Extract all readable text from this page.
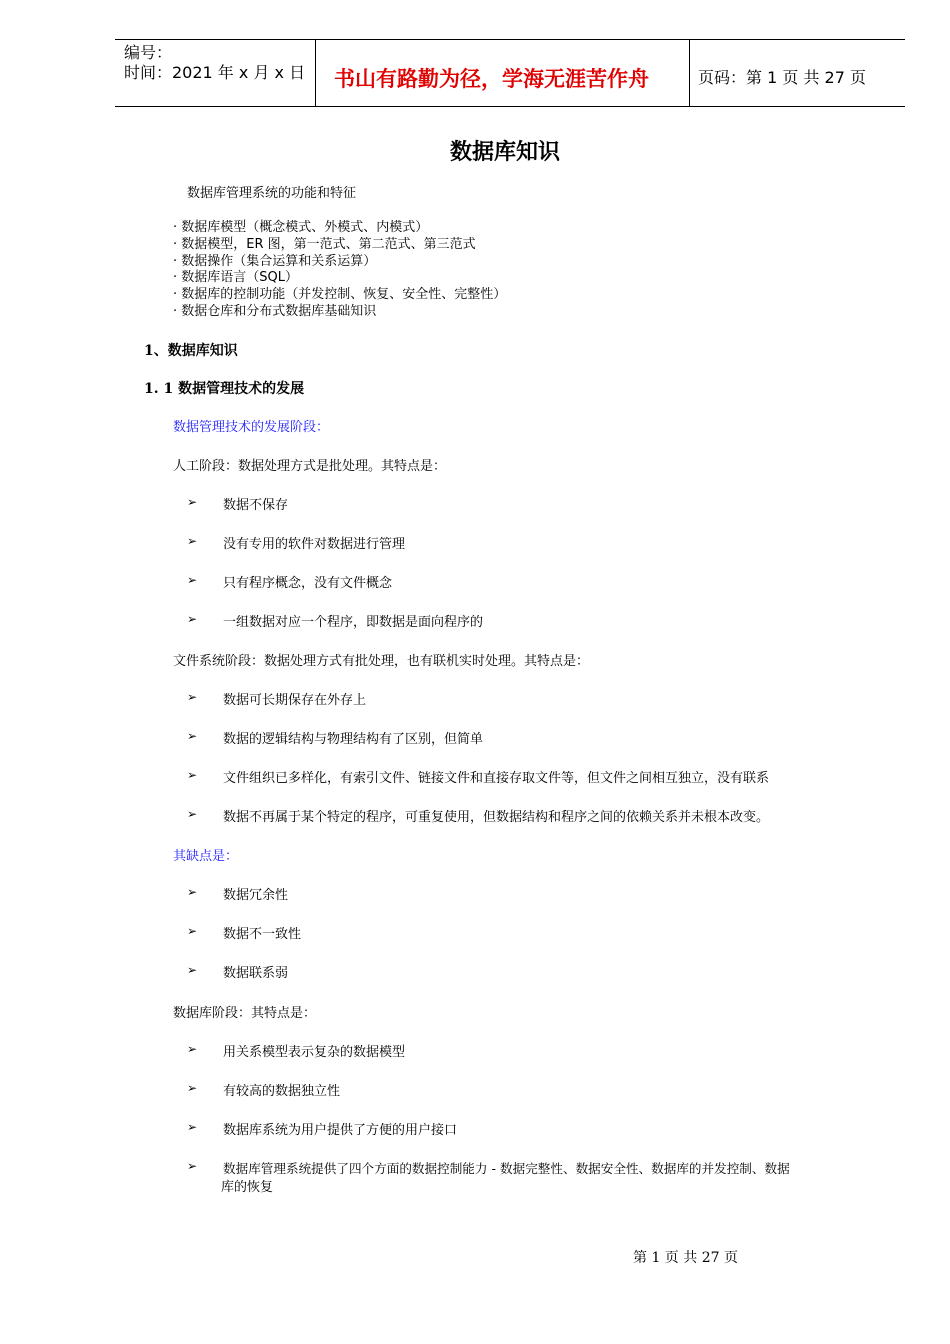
编号：
时间：2021 年 x 月 x 日 书山有路勤为径，学海无涯苦作舟	页码：第 1 页 共 27 页
数据库知识
数据库管理系统的功能和特征
· 数据库模型（概念模式、外模式、内模式）
· 数据模型，ER 图，第一范式、第二范式、第三范式
· 数据操作（集合运算和关系运算）
· 数据库语言（SQL）
· 数据库的控制功能（并发控制、恢复、安全性、完整性）
· 数据仓库和分布式数据库基础知识
1、数据库知识
1. 1 数据管理技术的发展
数据管理技术的发展阶段：
人工阶段：数据处理方式是批处理。其特点是：
➢ 数据不保存
➢ 没有专用的软件对数据进行管理
➢ 只有程序概念，没有文件概念
➢ 一组数据对应一个程序，即数据是面向程序的
文件系统阶段：数据处理方式有批处理，也有联机实时处理。其特点是：
➢ 数据可长期保存在外存上
➢ 数据的逻辑结构与物理结构有了区别，但简单
➢ 文件组织已多样化，有索引文件、链接文件和直接存取文件等，但文件之间相互独立，没有联系
➢ 数据不再属于某个特定的程序，可重复使用，但数据结构和程序之间的依赖关系并未根本改变。
其缺点是：
➢ 数据冗余性
➢ 数据不一致性
➢ 数据联系弱
数据库阶段：其特点是：
➢ 用关系模型表示复杂的数据模型
➢ 有较高的数据独立性
➢ 数据库系统为用户提供了方便的用户接口
➢ 数据库管理系统提供了四个方面的数据控制能力 - 数据完整性、数据安全性、数据库的并发控制、数据
库的恢复
第 1 页 共 27 页
